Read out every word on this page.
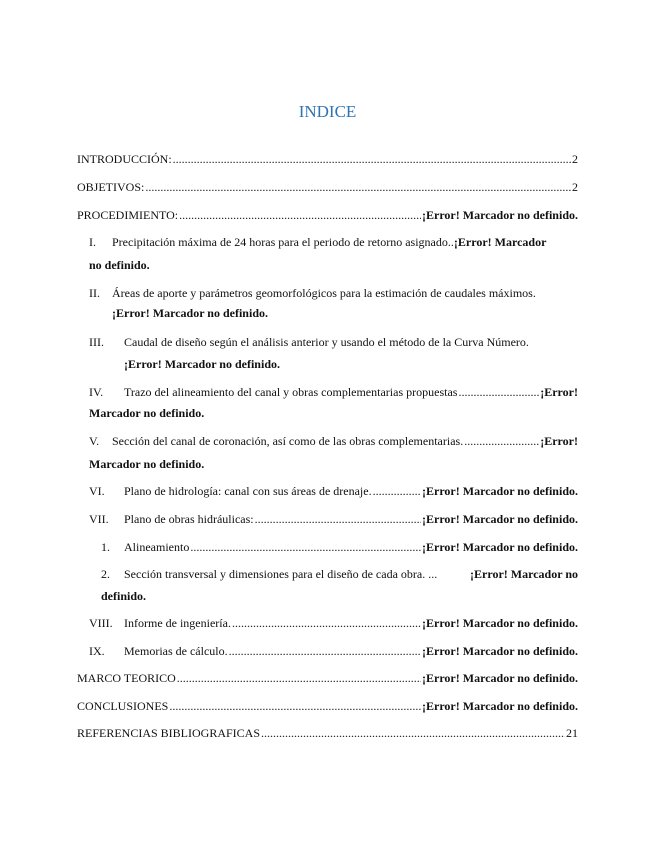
INDICE
INTRODUCCIÓN: .....	2
OBJETIVOS: .....	2
PROCEDIMIENTO: .....	¡Error! Marcador no definido.
I. Precipitación máxima de 24 horas para el periodo de retorno asignado.. ¡Error! Marcador
no definido.
II. Áreas de aporte y parámetros geomorfológicos para la estimación de caudales máximos.
¡Error! Marcador no definido.
III. Caudal de diseño según el análisis anterior y usando el método de la Curva Número.
¡Error! Marcador no definido.
IV. Trazo del alineamiento del canal y obras complementarias propuestas .....	¡Error!
Marcador no definido.
V. Sección del canal de coronación, así como de las obras complementarias. .....	¡Error!
Marcador no definido.
VI. Plano de hidrología: canal con sus áreas de drenaje. .....	¡Error! Marcador no definido.
VII. Plano de obras hidráulicas: .....	¡Error! Marcador no definido.
1. Alineamiento .....	¡Error! Marcador no definido.
2. Sección transversal y dimensiones para el diseño de cada obra. ...	¡Error! Marcador no
definido.
VIII. Informe de ingeniería. .....	¡Error! Marcador no definido.
IX. Memorias de cálculo. .....	¡Error! Marcador no definido.
MARCO TEORICO .....	¡Error! Marcador no definido.
CONCLUSIONES .....	¡Error! Marcador no definido.
REFERENCIAS BIBLIOGRAFICAS .....	21
